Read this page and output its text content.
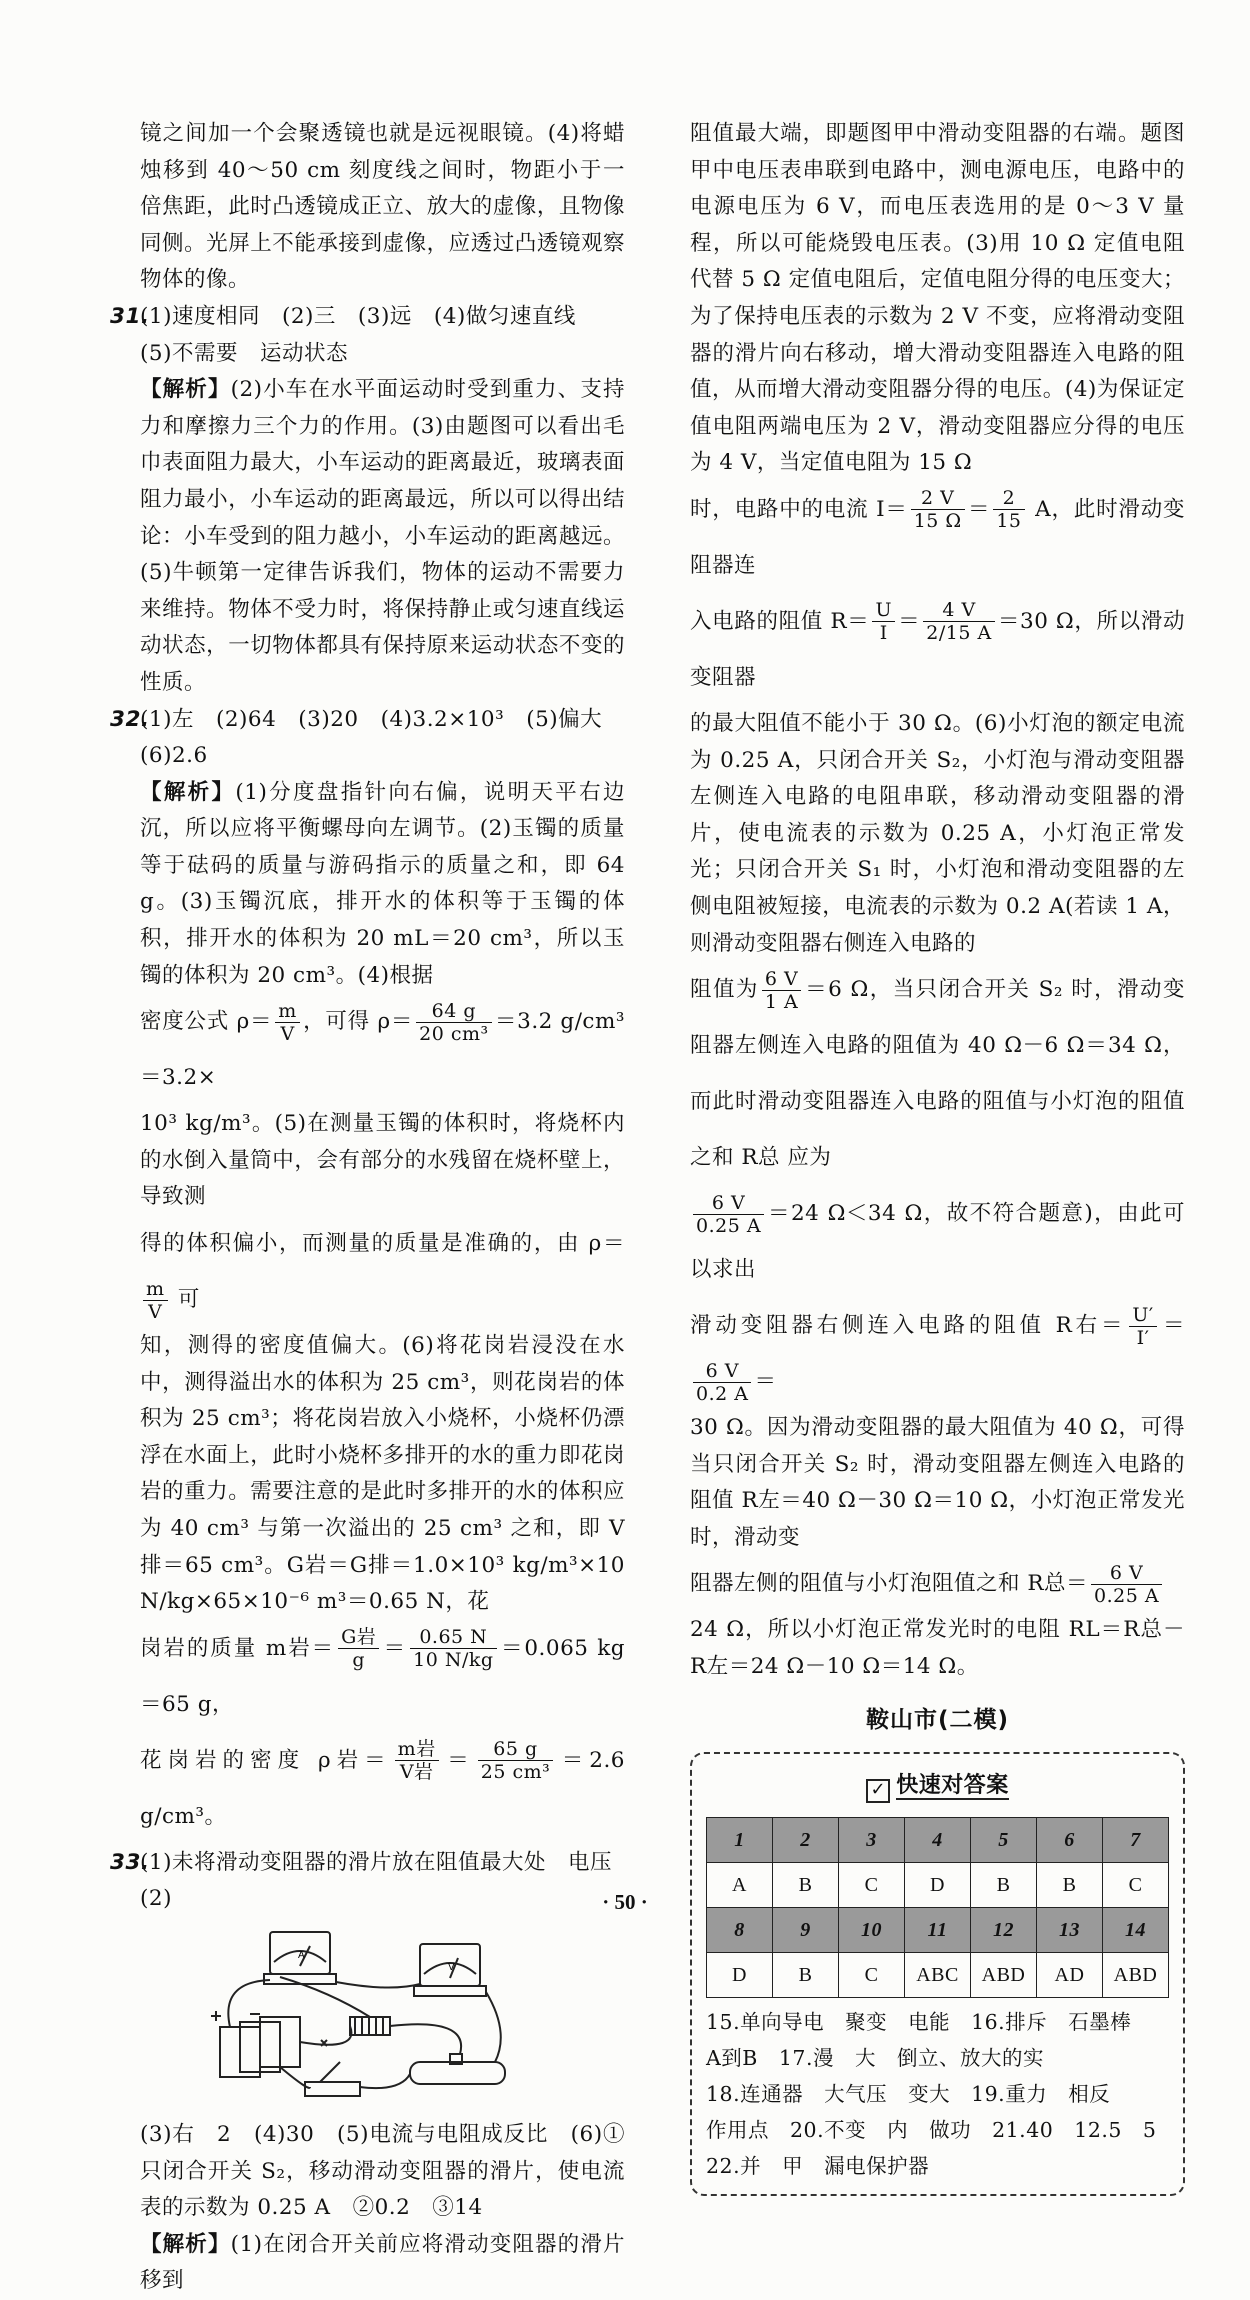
镜之间加一个会聚透镜也就是远视眼镜。(4)将蜡烛移到 40～50 cm 刻度线之间时，物距小于一倍焦距，此时凸透镜成正立、放大的虚像，且物像同侧。光屏上不能承接到虚像，应透过凸透镜观察物体的像。

31.(1)速度相同　(2)三　(3)远　(4)做匀速直线

(5)不需要　运动状态

【解析】(2)小车在水平面运动时受到重力、支持力和摩擦力三个力的作用。(3)由题图可以看出毛巾表面阻力最大，小车运动的距离最近，玻璃表面阻力最小，小车运动的距离最远，所以可以得出结论：小车受到的阻力越小，小车运动的距离越远。(5)牛顿第一定律告诉我们，物体的运动不需要力来维持。物体不受力时，将保持静止或匀速直线运动状态，一切物体都具有保持原来运动状态不变的性质。

32.(1)左　(2)64　(3)20　(4)3.2×10³　(5)偏大

(6)2.6

【解析】(1)分度盘指针向右偏，说明天平右边沉，所以应将平衡螺母向左调节。(2)玉镯的质量等于砝码的质量与游码指示的质量之和，即 64 g。(3)玉镯沉底，排开水的体积等于玉镯的体积，排开水的体积为 20 mL＝20 cm³，所以玉镯的体积为 20 cm³。(4)根据

密度公式 $\rho= \frac{m}{V}$ ，可得 $\rho= \frac{64 g}{\text{20 cm³}} =3.2$ g/cm³＝3.2×

10³ kg/m³。(5)在测量玉镯的体积时，将烧杯内的水倒入量筒中，会有部分的水残留在烧杯壁上，导致测

得的体积偏小，而测量的质量是准确的，由 ρ＝
$\frac{m}{V}$ 可

知，测得的密度值偏大。(6)将花岗岩浸没在水中，测得溢出水的体积为 25 cm³，则花岗岩的体积为 25 cm³；将花岗岩放入小烧杯，小烧杯仍漂浮在水面上，此时小烧杯多排开的水的重力即花岗岩的重力。需要注意的是此时多排开的水的体积应为 40 cm³ 与第一次溢出的 25 cm³ 之和，即 V排＝65 cm³。G岩＝G排＝1.0×10³ kg/m³×10 N/kg×65×10⁻⁶ m³＝0.65 N，花

岗岩的质量 m岩＝ $\frac{\text{G岩}}{g} = \frac{0.65 N}{10 N/kg} =0.065$ kg＝65 g，

花岗岩的密度 ρ岩＝ $\frac{\text{m岩}}{\text{V岩}} = \frac{65 g}{\text{25 cm³}} =2.6$ g/cm³。

33.(1)未将滑动变阻器的滑片放在阻值最大处　电压

(2)

A
V

(3)右　2　(4)30　(5)电流与电阻成反比　(6)①只闭合开关 S₂，移动滑动变阻器的滑片，使电流表的示数为 0.25 A　②0.2　③14

【解析】(1)在闭合开关前应将滑动变阻器的滑片移到

阻值最大端，即题图甲中滑动变阻器的右端。题图甲中电压表串联到电路中，测电源电压，电路中的电源电压为 6 V，而电压表选用的是 0～3 V 量程，所以可能烧毁电压表。(3)用 10 Ω 定值电阻代替 5 Ω 定值电阻后，定值电阻分得的电压变大；为了保持电压表的示数为 2 V 不变，应将滑动变阻器的滑片向右移动，增大滑动变阻器连入电路的阻值，从而增大滑动变阻器分得的电压。(4)为保证定值电阻两端电压为 2 V，滑动变阻器应分得的电压为 4 V，当定值电阻为 15 Ω

时，电路中的电流 $I= \frac{2 V}{15 \Omega} = \frac{2}{15}$ A，此时滑动变阻器连

入电路的阻值 $R= \frac{U}{I} = \frac{4 V}{2/15 A} =30$ Ω，所以滑动变阻器

的最大阻值不能小于 30 Ω。(6)小灯泡的额定电流为 0.25 A，只闭合开关 S₂，小灯泡与滑动变阻器左侧连入电路的电阻串联，移动滑动变阻器的滑片，使电流表的示数为 0.25 A，小灯泡正常发光；只闭合开关 S₁ 时，小灯泡和滑动变阻器的左侧电阻被短接，电流表的示数为 0.2 A(若读 1 A，则滑动变阻器右侧连入电路的

阻值为 $\frac{6 V}{1 A} =6$ Ω，当只闭合开关 S₂ 时，滑动变阻器左侧连入电路的阻值为 40 Ω－6 Ω＝34 Ω，而此时滑动变阻器连入电路的阻值与小灯泡的阻值之和 R总 应为

$\frac{6 V}{0.25 A} =24$ Ω＜34 Ω，故不符合题意)，由此可以求出

滑动变阻器右侧连入电路的阻值 R右＝ $\frac{U'}{I'}$ ＝
$\frac{6 V}{0.2 A}$ ＝

30 Ω。因为滑动变阻器的最大阻值为 40 Ω，可得当只闭合开关 S₂ 时，滑动变阻器左侧连入电路的阻值 R左＝40 Ω－30 Ω＝10 Ω，小灯泡正常发光时，滑动变

阻器左侧的阻值与小灯泡阻值之和 R总＝ $\frac{6 V}{0.25 A}$

24 Ω，所以小灯泡正常发光时的电阻 RL＝R总－R左＝24 Ω－10 Ω＝14 Ω。

鞍山市(二模)
✓ 快速对答案
1	2	3	4	5	6	7
A	B	C	D	B	B	C
8	9	10	11	12	13	14
D	B	C	ABC	ABD	AD	ABD
15.单向导电　聚变　电能　16.排斥　石墨棒
A到B　17.漫　大　倒立、放大的实
18.连通器　大气压　变大　19.重力　相反
作用点　20.不变　内　做功　21.40　12.5　5
22.并　甲　漏电保护器
· 50 ·
